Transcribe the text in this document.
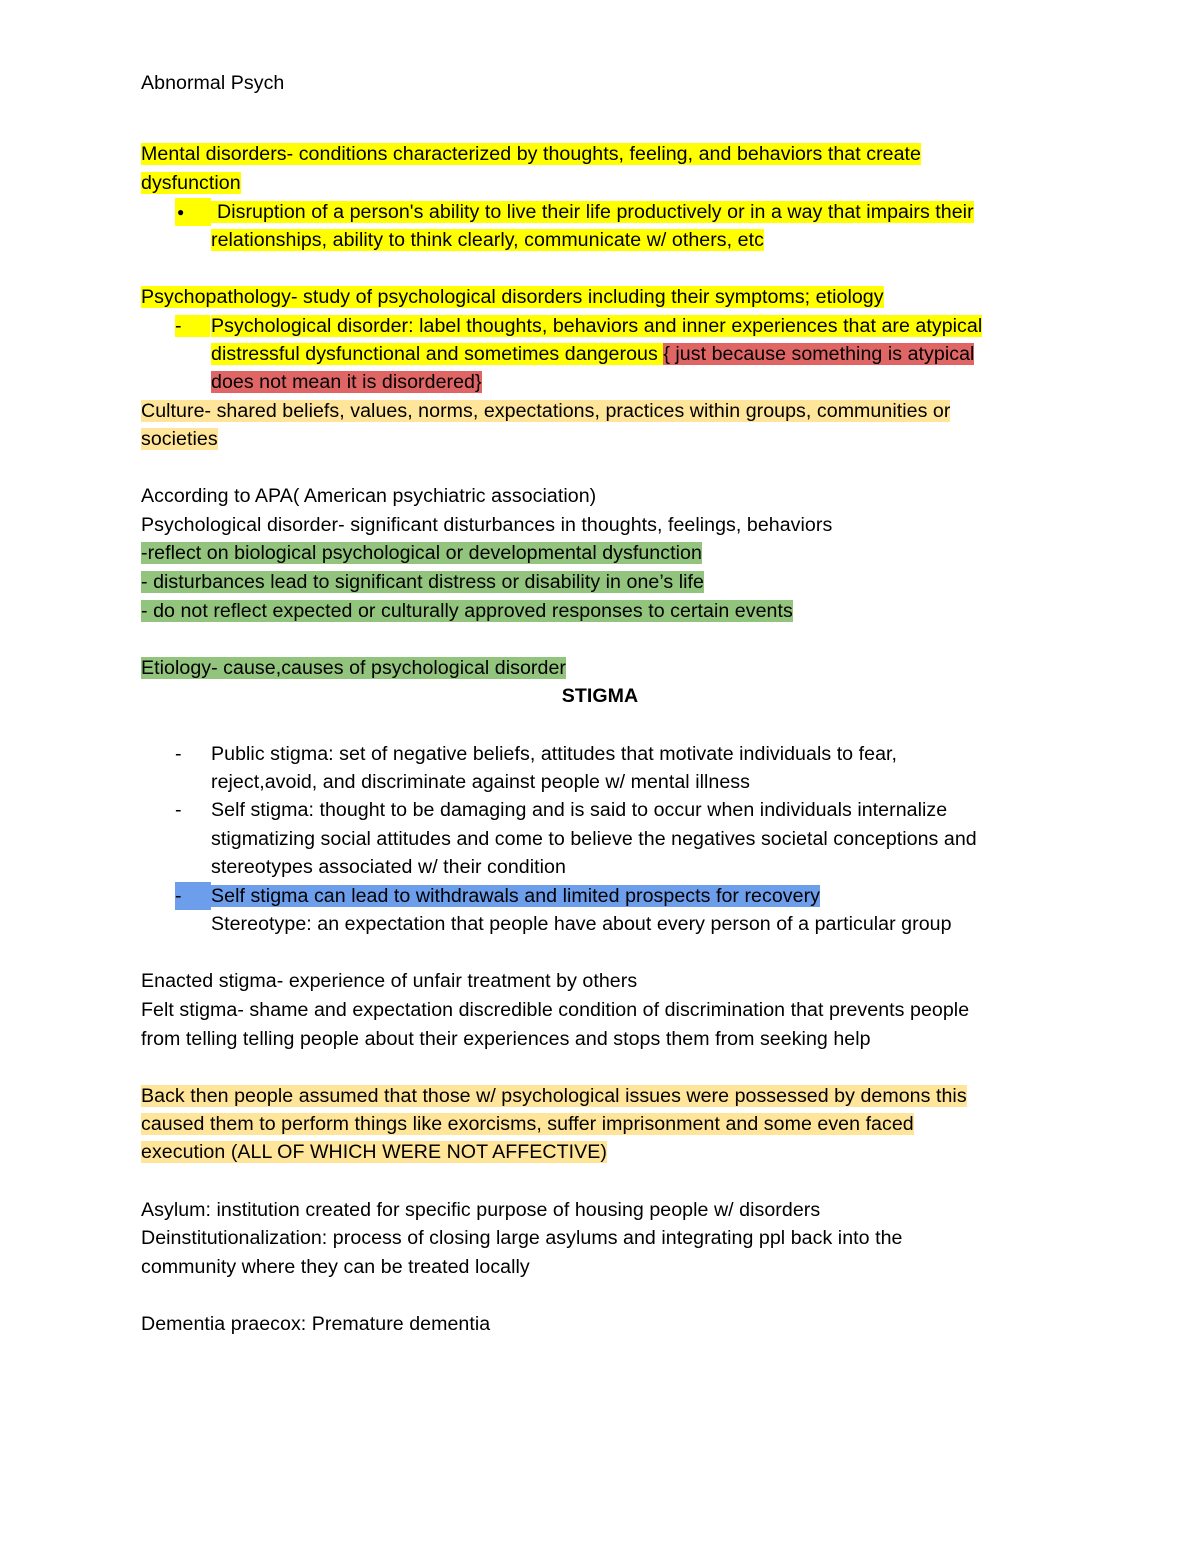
Abnormal Psych
Mental disorders- conditions characterized by thoughts, feeling, and behaviors that create
dysfunction
●	Disruption of a person's ability to live their life productively or in a way that impairs their
relationships, ability to think clearly, communicate w/ others, etc
Psychopathology- study of psychological disorders including their symptoms; etiology
-	Psychological disorder: label thoughts, behaviors and inner experiences that are atypical
distressful dysfunctional and sometimes dangerous { just because something is atypical
does not mean it is disordered}
Culture- shared beliefs, values, norms, expectations, practices within groups, communities or
societies
According to APA( American psychiatric association)
Psychological disorder- significant disturbances in thoughts, feelings, behaviors
-reflect on biological psychological or developmental dysfunction
- disturbances lead to significant distress or disability in one’s life
- do not reflect expected or culturally approved responses to certain events
Etiology- cause,causes of psychological disorder
STIGMA
- Public stigma: set of negative beliefs, attitudes that motivate individuals to fear,
reject,avoid, and discriminate against people w/ mental illness
- Self stigma: thought to be damaging and is said to occur when individuals internalize
stigmatizing social attitudes and come to believe the negatives societal conceptions and
stereotypes associated w/ their condition
-Self stigma can lead to withdrawals and limited prospects for recovery
Stereotype: an expectation that people have about every person of a particular group
Enacted stigma- experience of unfair treatment by others
Felt stigma- shame and expectation discredible condition of discrimination that prevents people
from telling telling people about their experiences and stops them from seeking help
Back then people assumed that those w/ psychological issues were possessed by demons this
caused them to perform things like exorcisms, suffer imprisonment and some even faced
execution (ALL OF WHICH WERE NOT AFFECTIVE)
Asylum: institution created for specific purpose of housing people w/ disorders
Deinstitutionalization: process of closing large asylums and integrating ppl back into the
community where they can be treated locally
Dementia praecox: Premature dementia
